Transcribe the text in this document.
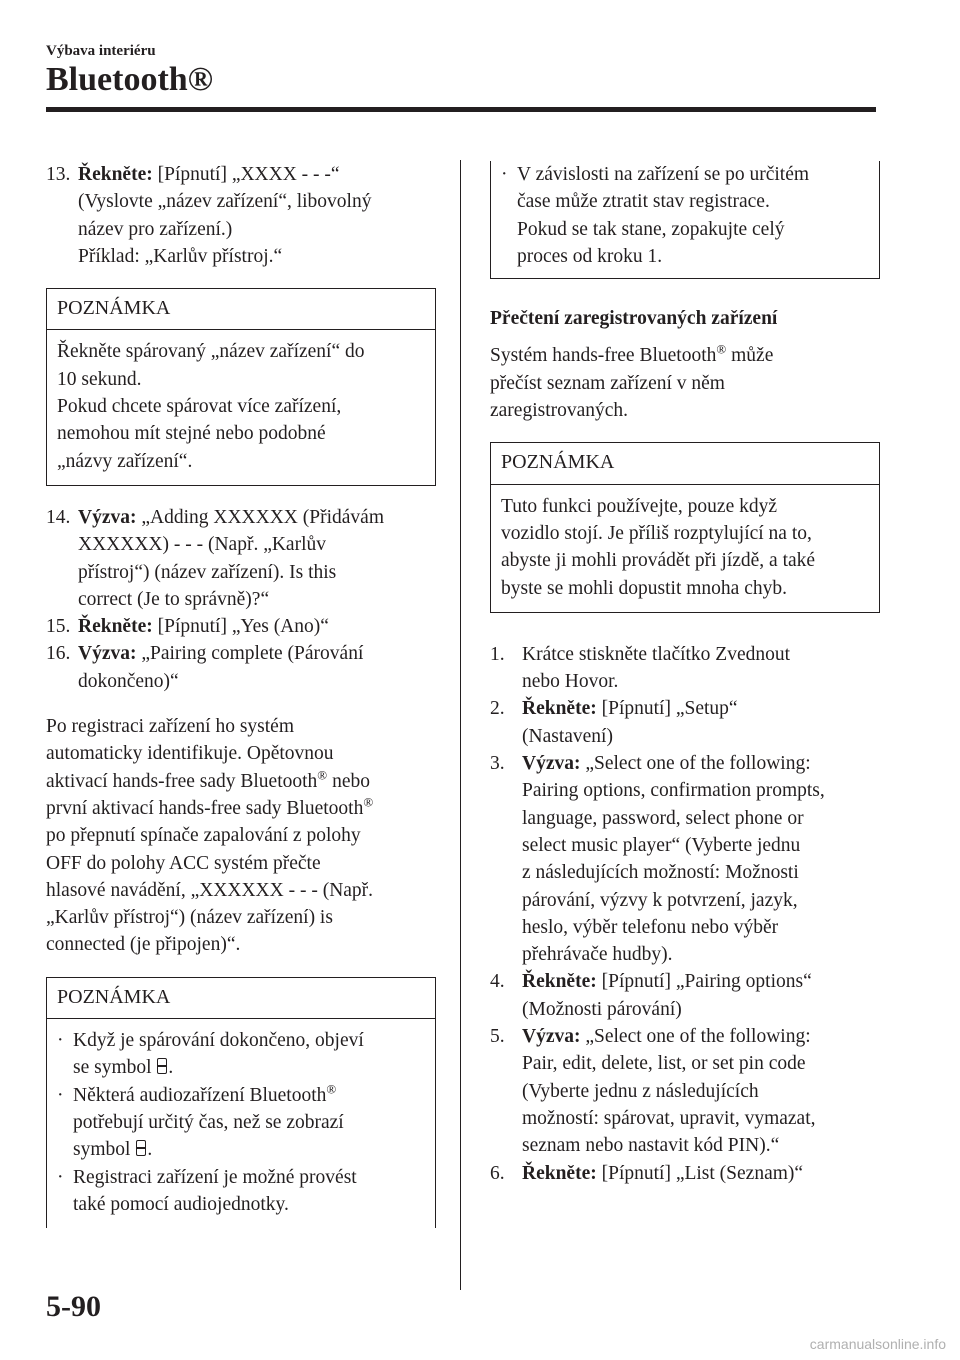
Výbava interiéru
Bluetooth®
13. Řekněte: [Pípnutí] „XXXX - - -“
(Vyslovte „název zařízení“, libovolný
název pro zařízení.)
Příklad: „Karlův přístroj.“
POZNÁMKA
Řekněte spárovaný „název zařízení“ do
10 sekund.
Pokud chcete spárovat více zařízení,
nemohou mít stejné nebo podobné
„názvy zařízení“.
14. Výzva: „Adding XXXXXX (Přidávám
XXXXXX) - - - (Např. „Karlův
přístroj“) (název zařízení). Is this
correct (Je to správně)?“
15. Řekněte: [Pípnutí] „Yes (Ano)“
16. Výzva: „Pairing complete (Párování
dokončeno)“
Po registraci zařízení ho systém
automaticky identifikuje. Opětovnou
aktivací hands-free sady Bluetooth® nebo
první aktivací hands-free sady Bluetooth®
po přepnutí spínače zapalování z polohy
OFF do polohy ACC systém přečte
hlasové navádění, „XXXXXX - - - (Např.
„Karlův přístroj“) (název zařízení) is
connected (je připojen)“.
POZNÁMKA
· Když je spárování dokončeno, objeví
se symbol .
· Některá audiozařízení Bluetooth®
potřebují určitý čas, než se zobrazí
symbol .
· Registraci zařízení je možné provést
také pomocí audiojednotky.
· V závislosti na zařízení se po určitém
čase může ztratit stav registrace.
Pokud se tak stane, zopakujte celý
proces od kroku 1.
Přečtení zaregistrovaných zařízení
Systém hands-free Bluetooth® může
přečíst seznam zařízení v něm
zaregistrovaných.
POZNÁMKA
Tuto funkci používejte, pouze když
vozidlo stojí. Je příliš rozptylující na to,
abyste ji mohli provádět při jízdě, a také
byste se mohli dopustit mnoha chyb.
1. Krátce stiskněte tlačítko Zvednout
nebo Hovor.
2. Řekněte: [Pípnutí] „Setup“
(Nastavení)
3. Výzva: „Select one of the following:
Pairing options, confirmation prompts,
language, password, select phone or
select music player“ (Vyberte jednu
z následujících možností: Možnosti
párování, výzvy k potvrzení, jazyk,
heslo, výběr telefonu nebo výběr
přehrávače hudby).
4. Řekněte: [Pípnutí] „Pairing options“
(Možnosti párování)
5. Výzva: „Select one of the following:
Pair, edit, delete, list, or set pin code
(Vyberte jednu z následujících
možností: spárovat, upravit, vymazat,
seznam nebo nastavit kód PIN).“
6. Řekněte: [Pípnutí] „List (Seznam)“
5-90
carmanualsonline.info
